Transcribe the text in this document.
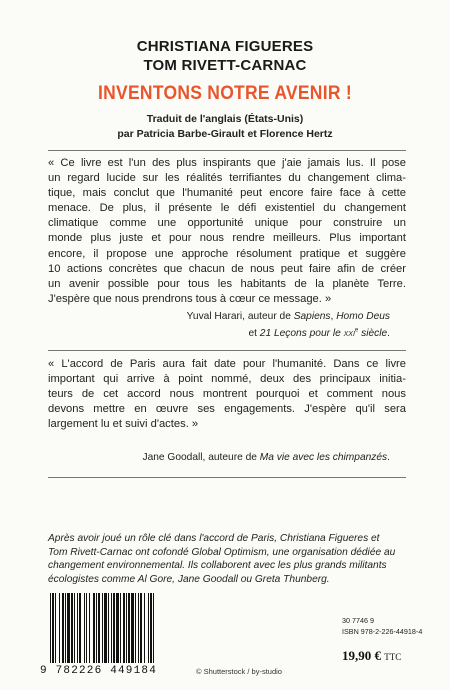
CHRISTIANA FIGUERES
TOM RIVETT-CARNAC
INVENTONS NOTRE AVENIR !
Traduit de l'anglais (États-Unis)
par Patricia Barbe-Girault et Florence Hertz
« Ce livre est l'un des plus inspirants que j'aie jamais lus. Il pose
un regard lucide sur les réalités terrifiantes du changement clima-
tique, mais conclut que l'humanité peut encore faire face à cette
menace. De plus, il présente le défi existentiel du changement
climatique comme une opportunité unique pour construire un
monde plus juste et pour nous rendre meilleurs. Plus important
encore, il propose une approche résolument pratique et suggère
10 actions concrètes que chacun de nous peut faire afin de créer
un avenir possible pour tous les habitants de la planète Terre.
J'espère que nous prendrons tous à cœur ce message. »
Yuval Harari, auteur de Sapiens, Homo Deus
et 21 Leçons pour le xxi$^e$ siècle.
« L'accord de Paris aura fait date pour l'humanité. Dans ce livre
important qui arrive à point nommé, deux des principaux initia-
teurs de cet accord nous montrent pourquoi et comment nous
devons mettre en œuvre ses engagements. J'espère qu'il sera
largement lu et suivi d'actes. »
Jane Goodall, auteure de Ma vie avec les chimpanzés.
Après avoir joué un rôle clé dans l'accord de Paris, Christiana Figueres et
Tom Rivett-Carnac ont cofondé Global Optimism, une organisation dédiée au
changement environnemental. Ils collaborent avec les plus grands militants
écologistes comme Al Gore, Jane Goodall ou Greta Thunberg.
9 782226 449184	© Shutterstock / by-studio
30 7746 9
ISBN 978-2-226-44918-4
19,90 € TTC
